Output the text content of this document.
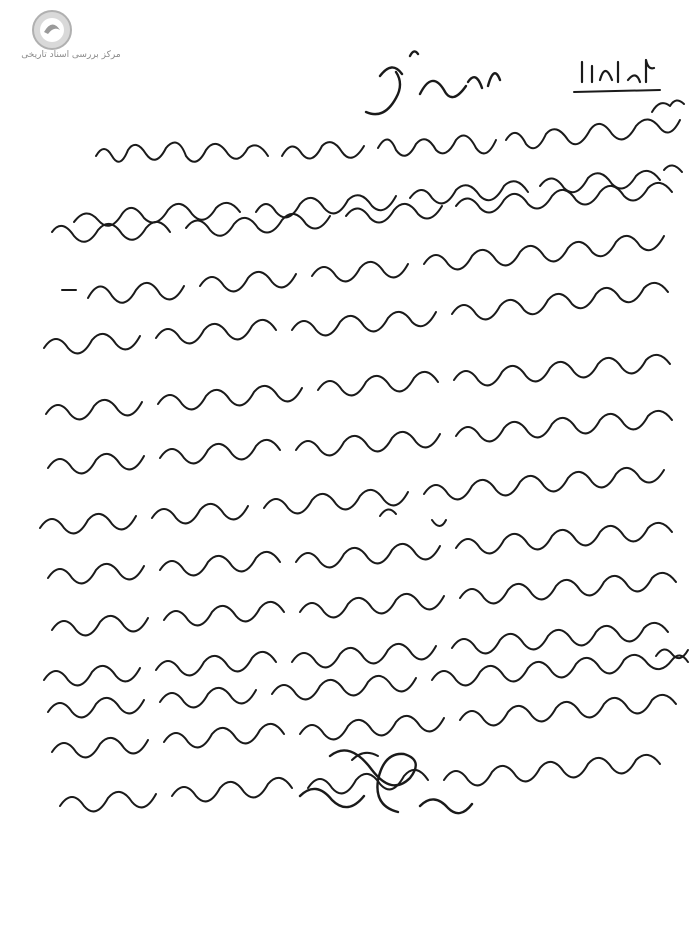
مرکز بررسی اسناد تاریخی
